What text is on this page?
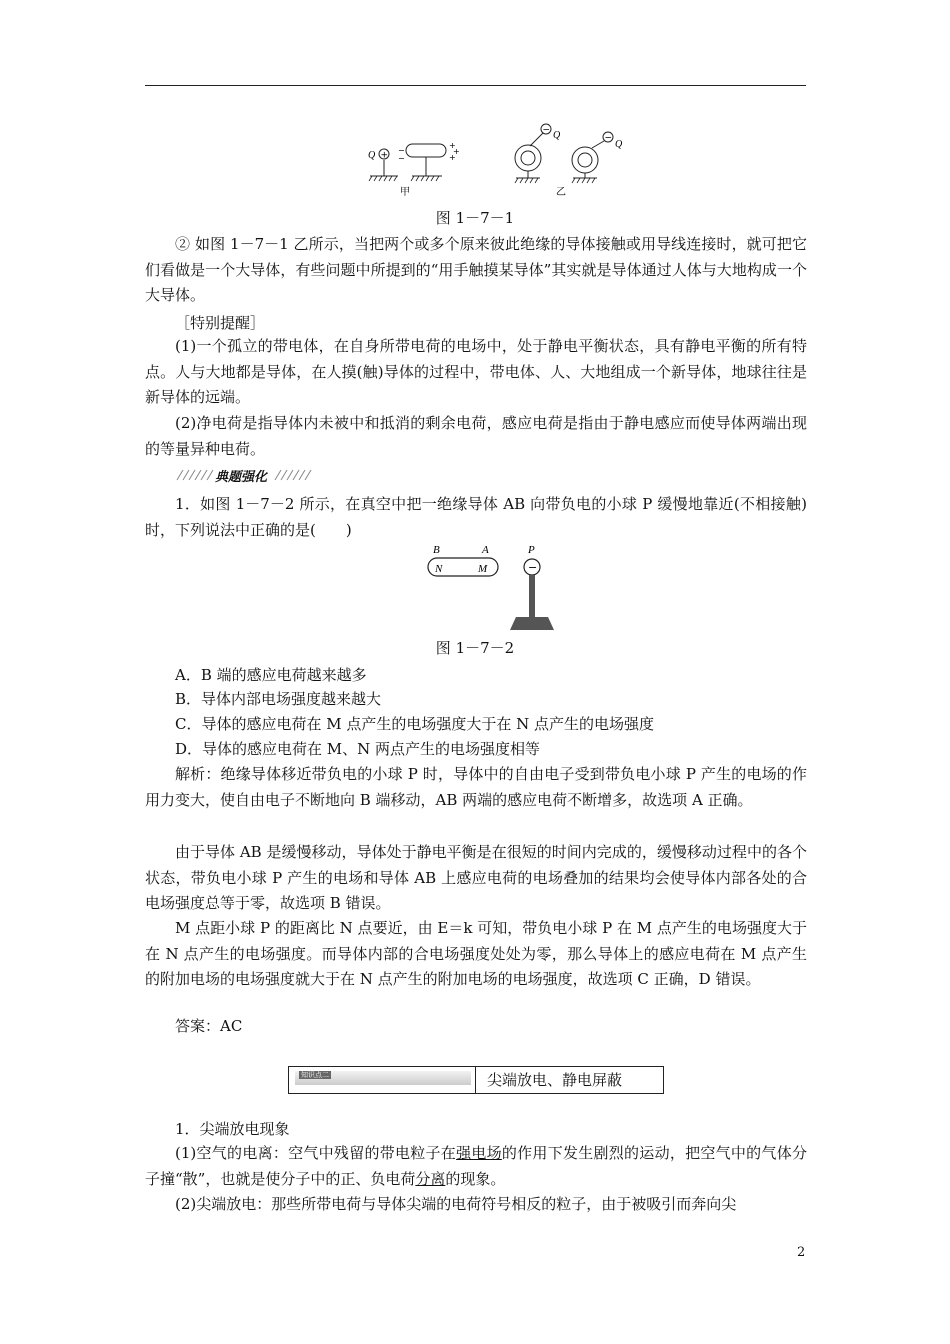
Q + −
−
+
+
+
甲
− Q	−
Q
乙
图 1－7－1
② 如图 1－7－1 乙所示，当把两个或多个原来彼此绝缘的导体接触或用导线连接时，就可把它们看做是一个大导体，有些问题中所提到的“用手触摸某导体”其实就是导体通过人体与大地构成一个大导体。
［特别提醒］
(1)一个孤立的带电体，在自身所带电荷的电场中，处于静电平衡状态，具有静电平衡的所有特点。人与大地都是导体，在人摸(触)导体的过程中，带电体、人、大地组成一个新导体，地球往往是新导体的远端。
(2)净电荷是指导体内未被中和抵消的剩余电荷，感应电荷是指由于静电感应而使导体两端出现的等量异种电荷。
典题强化
1．如图 1－7－2 所示，在真空中把一绝缘导体 AB 向带负电的小球 P 缓慢地靠近(不相接触)时，下列说法中正确的是(　　)
B	A
N	M
P
−
图 1－7－2
A．B 端的感应电荷越来越多
B．导体内部电场强度越来越大
C．导体的感应电荷在 M 点产生的电场强度大于在 N 点产生的电场强度
D．导体的感应电荷在 M、N 两点产生的电场强度相等
解析：绝缘导体移近带负电的小球 P 时，导体中的自由电子受到带负电小球 P 产生的电场的作用力变大，使自由电子不断地向 B 端移动，AB 两端的感应电荷不断增多，故选项 A 正确。
由于导体 AB 是缓慢移动，导体处于静电平衡是在很短的时间内完成的，缓慢移动过程中的各个状态，带负电小球 P 产生的电场和导体 AB 上感应电荷的电场叠加的结果均会使导体内部各处的合电场强度总等于零，故选项 B 错误。
M 点距小球 P 的距离比 N 点要近，由 E＝k 可知，带负电小球 P 在 M 点产生的电场强度大于在 N 点产生的电场强度。而导体内部的合电场强度处处为零，那么导体上的感应电荷在 M 点产生的附加电场的电场强度就大于在 N 点产生的附加电场的电场强度，故选项 C 正确，D 错误。
答案：AC
知识点二	尖端放电、静电屏蔽
1．尖端放电现象
(1)空气的电离：空气中残留的带电粒子在强电场的作用下发生剧烈的运动，把空气中的气体分子撞“散”，也就是使分子中的正、负电荷分离的现象。
(2)尖端放电：那些所带电荷与导体尖端的电荷符号相反的粒子，由于被吸引而奔向尖
2
